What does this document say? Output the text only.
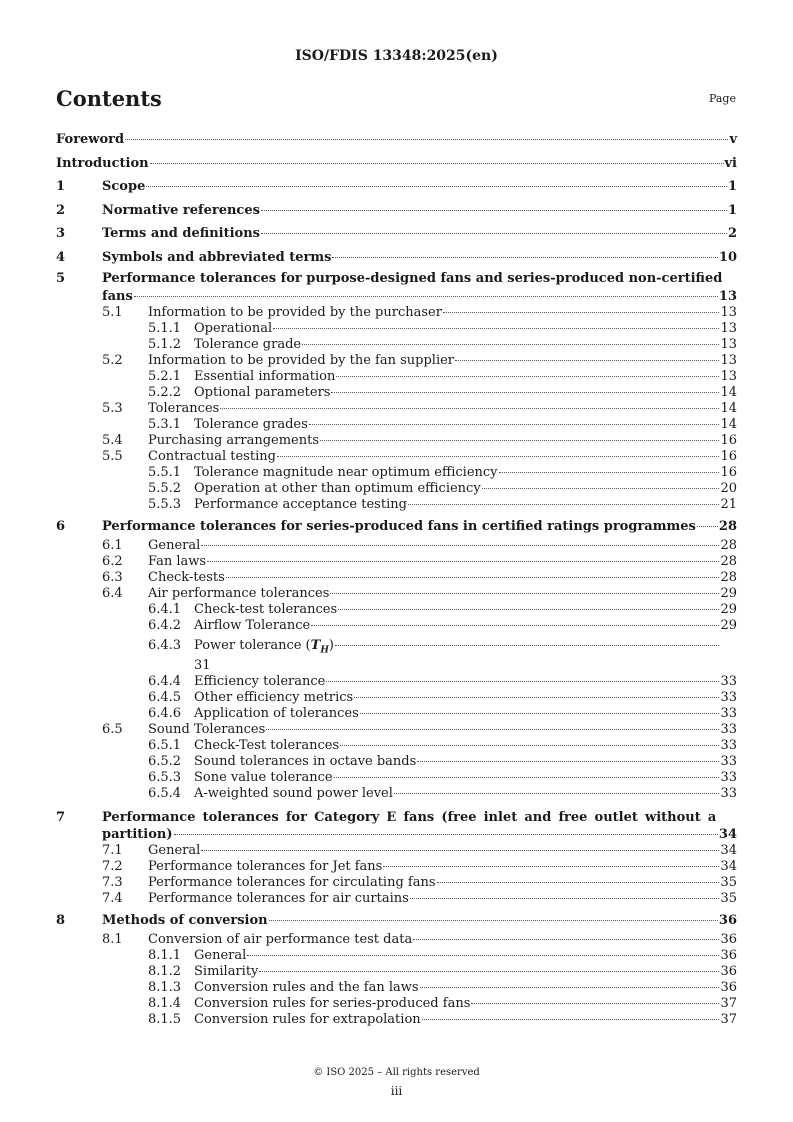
ISO/FDIS 13348:2025(en)
Contents	Page
Foreword	v
Introduction	vi
1	Scope	1
2	Normative references	1
3	Terms and definitions	2
4	Symbols and abbreviated terms	10
5	Performance tolerances for purpose-designed fans and series-produced non-certified
fans	13
5.1	Information to be provided by the purchaser	13
5.1.1 Operational	13
5.1.2 Tolerance grade	13
5.2	Information to be provided by the fan supplier	13
5.2.1 Essential information	13
5.2.2 Optional parameters	14
5.3	Tolerances	14
5.3.1 Tolerance grades	14
5.4	Purchasing arrangements	16
5.5	Contractual testing	16
5.5.1 Tolerance magnitude near optimum efficiency	16
5.5.2 Operation at other than optimum efficiency	20
5.5.3 Performance acceptance testing	21
6	Performance tolerances for series-produced fans in certified ratings programmes 28
6.1	General	28
6.2	Fan laws	28
6.3	Check-tests	28
6.4	Air performance tolerances	29
6.4.1 Check-test tolerances	29
6.4.2 Airflow Tolerance	29
6.4.3 Power tolerance $(T_H)$
31
6.4.4 Efficiency tolerance	33
6.4.5 Other efficiency metrics	33
6.4.6 Application of tolerances	33
6.5	Sound Tolerances	33
6.5.1 Check-Test tolerances	33
6.5.2 Sound tolerances in octave bands	33
6.5.3 Sone value tolerance	33
6.5.4 A-weighted sound power level	33
7	Performance tolerances for Category E fans (free inlet and free outlet without a
partition)	34
7.1	General	34
7.2	Performance tolerances for Jet fans	34
7.3	Performance tolerances for circulating fans	35
7.4	Performance tolerances for air curtains	35
8	Methods of conversion	36
8.1	Conversion of air performance test data	36
8.1.1 General	36
8.1.2 Similarity	36
8.1.3 Conversion rules and the fan laws	36
8.1.4 Conversion rules for series-produced fans	37
8.1.5 Conversion rules for extrapolation	37
© ISO 2025 – All rights reserved
iii
